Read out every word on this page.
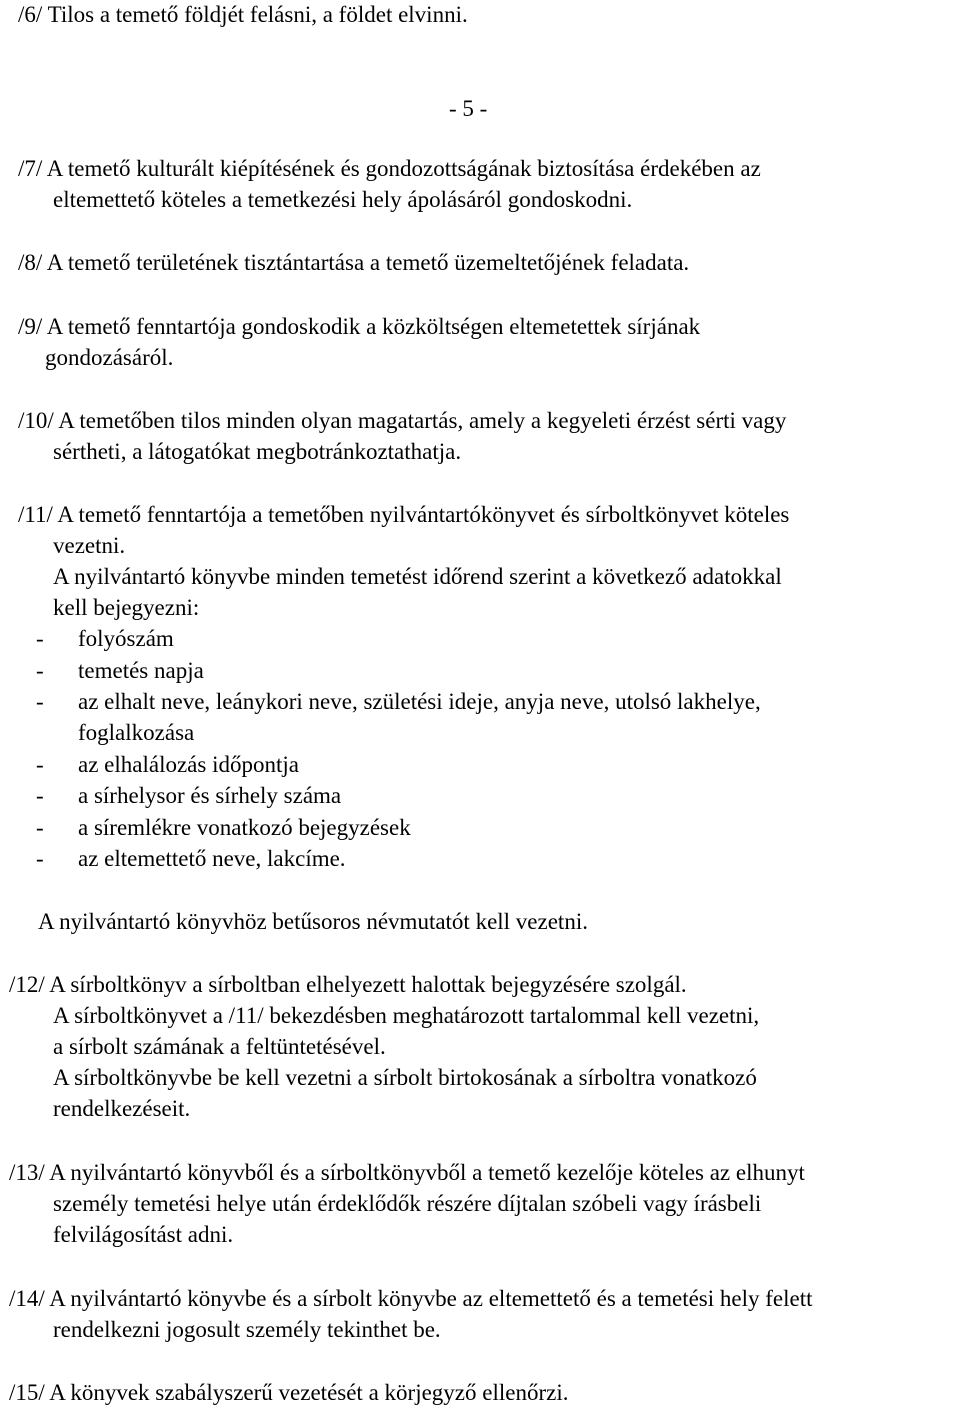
/6/ Tilos a temető földjét felásni, a földet elvinni.
- 5 -
/7/ A temető kulturált kiépítésének és gondozottságának biztosítása érdekében az
eltemettető köteles a temetkezési hely ápolásáról gondoskodni.
/8/ A temető területének tisztántartása a temető üzemeltetőjének feladata.
/9/ A temető fenntartója gondoskodik a közköltségen eltemetettek sírjának
gondozásáról.
/10/ A temetőben tilos minden olyan magatartás, amely a kegyeleti érzést sérti vagy
sértheti, a látogatókat megbotránkoztathatja.
/11/ A temető fenntartója a temetőben nyilvántartókönyvet és sírboltkönyvet köteles
vezetni.
A nyilvántartó könyvbe minden temetést időrend szerint a következő adatokkal
kell bejegyezni:
- folyószám
- temetés napja
- az elhalt neve, leánykori neve, születési ideje, anyja neve, utolsó lakhelye,
foglalkozása
- az elhalálozás időpontja
- a sírhelysor és sírhely száma
- a síremlékre vonatkozó bejegyzések
- az eltemettető neve, lakcíme.
A nyilvántartó könyvhöz betűsoros névmutatót kell vezetni.
/12/ A sírboltkönyv a sírboltban elhelyezett halottak bejegyzésére szolgál.
A sírboltkönyvet a /11/ bekezdésben meghatározott tartalommal kell vezetni,
a sírbolt számának a feltüntetésével.
A sírboltkönyvbe be kell vezetni a sírbolt birtokosának a sírboltra vonatkozó
rendelkezéseit.
/13/ A nyilvántartó könyvből és a sírboltkönyvből a temető kezelője köteles az elhunyt
személy temetési helye után érdeklődők részére díjtalan szóbeli vagy írásbeli
felvilágosítást adni.
/14/ A nyilvántartó könyvbe és a sírbolt könyvbe az eltemettető és a temetési hely felett
rendelkezni jogosult személy tekinthet be.
/15/ A könyvek szabályszerű vezetését a körjegyző ellenőrzi.
